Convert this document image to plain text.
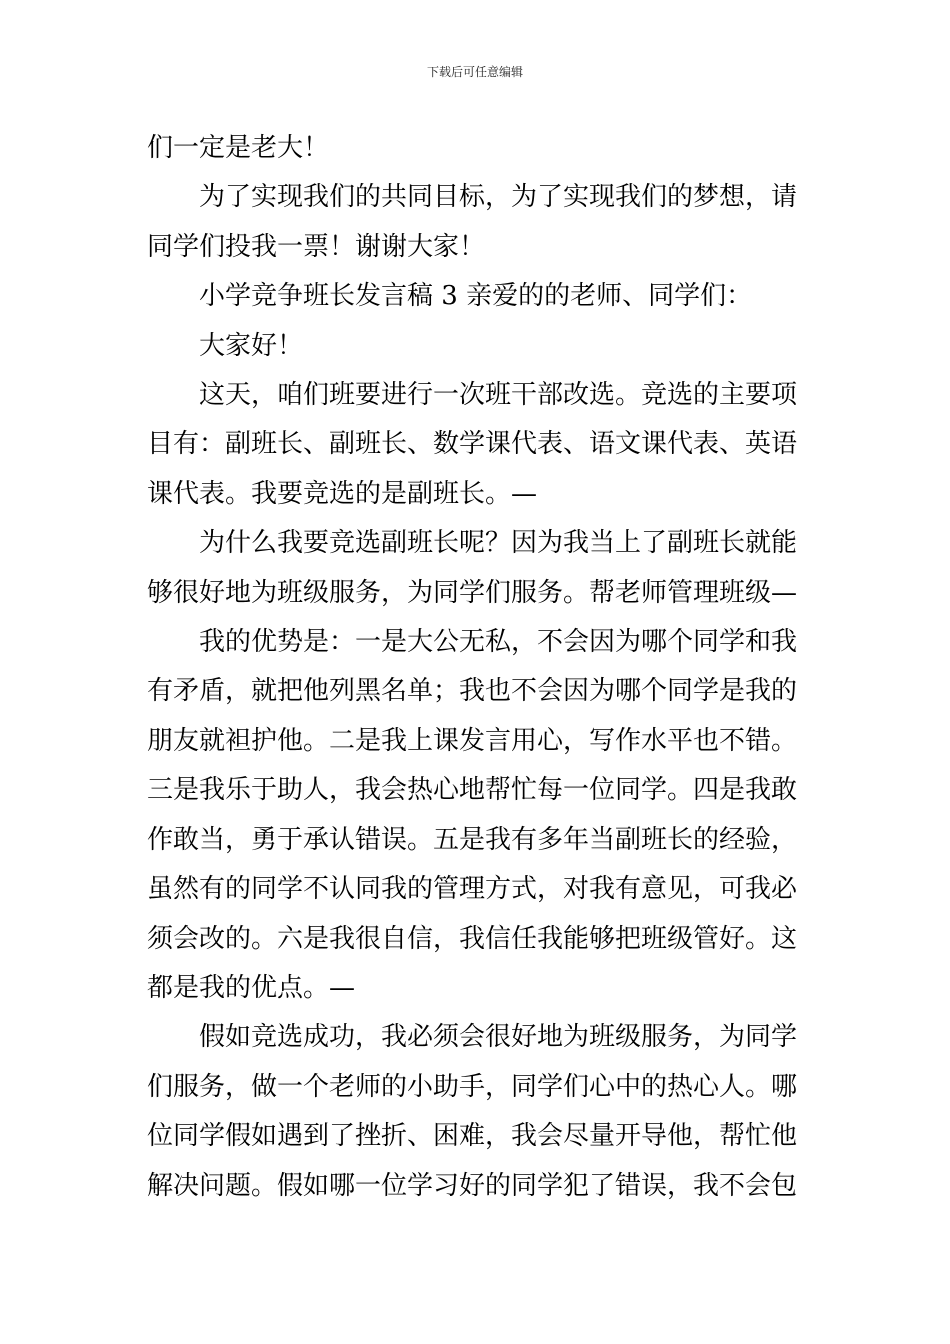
下载后可任意编辑

们一定是老大！

为了实现我们的共同目标，为了实现我们的梦想，请

同学们投我一票！谢谢大家！

小学竞争班长发言稿 3 亲爱的的老师、同学们：

大家好！

这天，咱们班要进行一次班干部改选。竞选的主要项

目有：副班长、副班长、数学课代表、语文课代表、英语

课代表。我要竞选的是副班长。—

为什么我要竞选副班长呢？因为我当上了副班长就能

够很好地为班级服务，为同学们服务。帮老师管理班级—

我的优势是：一是大公无私，不会因为哪个同学和我

有矛盾，就把他列黑名单；我也不会因为哪个同学是我的

朋友就袒护他。二是我上课发言用心，写作水平也不错。

三是我乐于助人，我会热心地帮忙每一位同学。四是我敢

作敢当，勇于承认错误。五是我有多年当副班长的经验，

虽然有的同学不认同我的管理方式，对我有意见，可我必

须会改的。六是我很自信，我信任我能够把班级管好。这

都是我的优点。—

假如竞选成功，我必须会很好地为班级服务，为同学

们服务，做一个老师的小助手，同学们心中的热心人。哪

位同学假如遇到了挫折、困难，我会尽量开导他，帮忙他

解决问题。假如哪一位学习好的同学犯了错误，我不会包
